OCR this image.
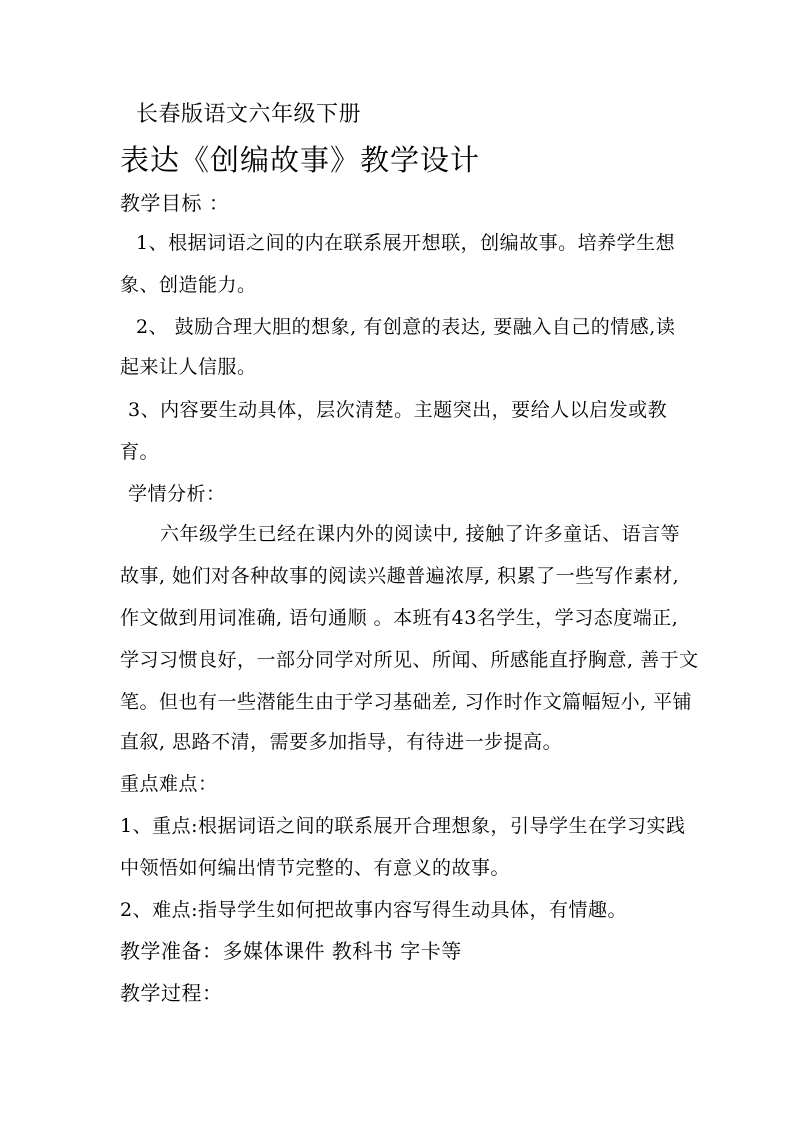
长春版语文六年级下册
表达《创编故事》教学设计
教学目标 ：
1、根据词语之间的内在联系展开想联，创编故事。培养学生想
象、创造能力。
2、 鼓励合理大胆的想象, 有创意的表达, 要融入自己的情感,读
起来让人信服。
3、内容要生动具体，层次清楚。主题突出，要给人以启发或教
育。
学情分析：
六年级学生已经在课内外的阅读中, 接触了许多童话、语言等
故事, 她们对各种故事的阅读兴趣普遍浓厚, 积累了一些写作素材,
作文做到用词准确, 语句通顺 。本班有43名学生，学习态度端正,
学习习惯良好，一部分同学对所见、所闻、所感能直抒胸意, 善于文
笔。但也有一些潜能生由于学习基础差, 习作时作文篇幅短小, 平铺
直叙, 思路不清，需要多加指导，有待进一步提高。
重点难点：
1、重点:根据词语之间的联系展开合理想象，引导学生在学习实践
中领悟如何编出情节完整的、有意义的故事。
2、难点:指导学生如何把故事内容写得生动具体，有情趣。
教学准备：多媒体课件 教科书 字卡等
教学过程：
